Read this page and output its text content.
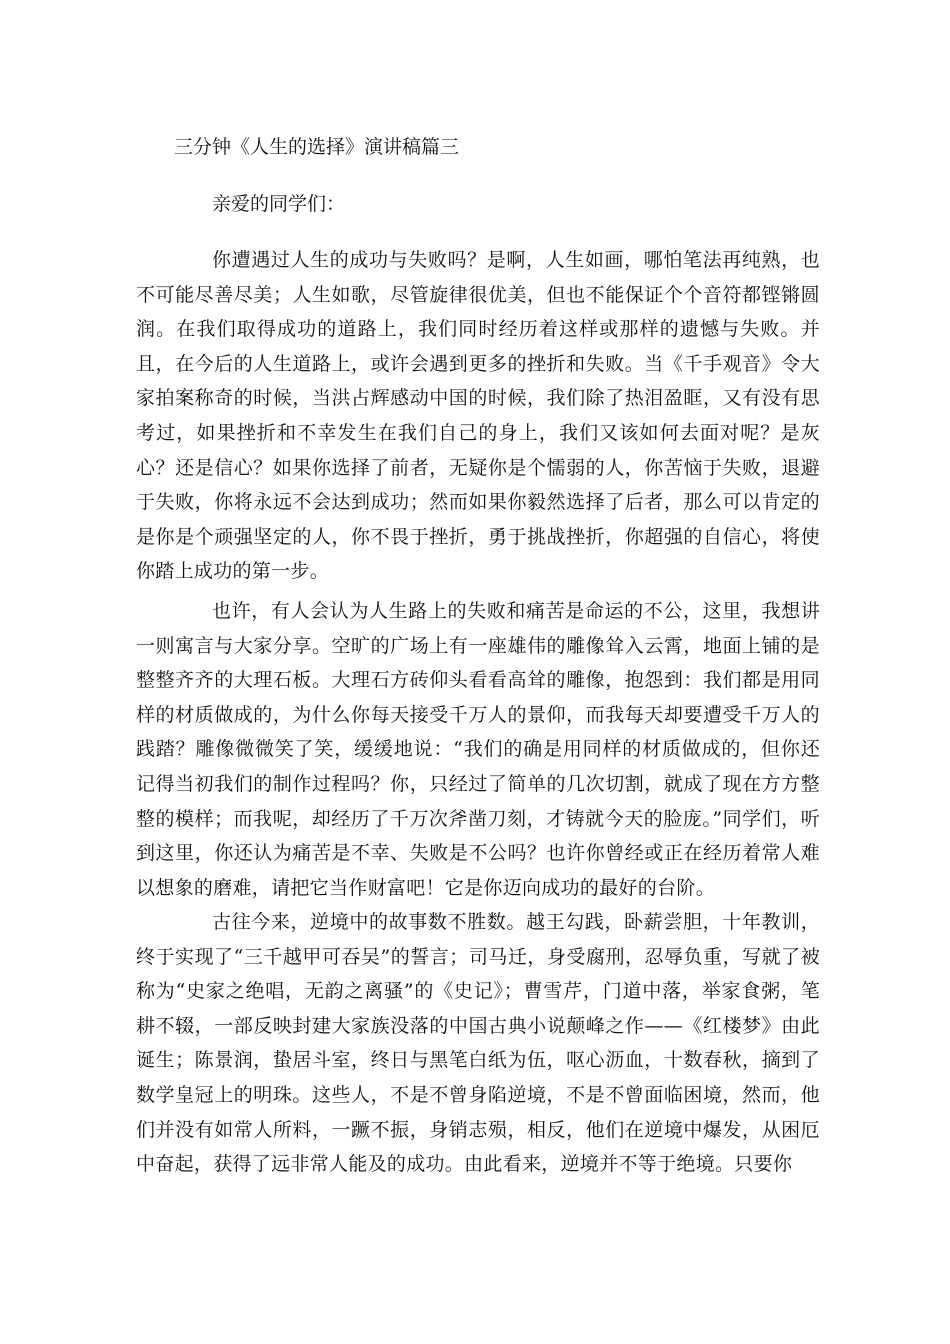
三分钟《人生的选择》演讲稿篇三
亲爱的同学们：

你遭遇过人生的成功与失败吗？是啊，人生如画，哪怕笔法再纯熟，也不可能尽善尽美；人生如歌，尽管旋律很优美，但也不能保证个个音符都铿锵圆润。在我们取得成功的道路上，我们同时经历着这样或那样的遗憾与失败。并且，在今后的人生道路上，或许会遇到更多的挫折和失败。当《千手观音》令大家拍案称奇的时候，当洪占辉感动中国的时候，我们除了热泪盈眶，又有没有思考过，如果挫折和不幸发生在我们自己的身上，我们又该如何去面对呢？是灰心？还是信心？如果你选择了前者，无疑你是个懦弱的人，你苦恼于失败，退避于失败，你将永远不会达到成功；然而如果你毅然选择了后者，那么可以肯定的是你是个顽强坚定的人，你不畏于挫折，勇于挑战挫折，你超强的自信心，将使你踏上成功的第一步。

也许，有人会认为人生路上的失败和痛苦是命运的不公，这里，我想讲一则寓言与大家分享。空旷的广场上有一座雄伟的雕像耸入云霄，地面上铺的是整整齐齐的大理石板。大理石方砖仰头看看高耸的雕像，抱怨到：我们都是用同样的材质做成的，为什么你每天接受千万人的景仰，而我每天却要遭受千万人的践踏？雕像微微笑了笑，缓缓地说：“我们的确是用同样的材质做成的，但你还记得当初我们的制作过程吗？你，只经过了简单的几次切割，就成了现在方方整整的模样；而我呢，却经历了千万次斧凿刀刻，才铸就今天的脸庞。”同学们，听到这里，你还认为痛苦是不幸、失败是不公吗？也许你曾经或正在经历着常人难以想象的磨难，请把它当作财富吧！它是你迈向成功的最好的台阶。

古往今来，逆境中的故事数不胜数。越王勾践，卧薪尝胆，十年教训，终于实现了“三千越甲可吞吴”的誓言；司马迁，身受腐刑，忍辱负重，写就了被称为“史家之绝唱，无韵之离骚”的《史记》；曹雪芹，门道中落，举家食粥，笔耕不辍，一部反映封建大家族没落的中国古典小说颠峰之作——《红楼梦》由此诞生；陈景润，蛰居斗室，终日与黑笔白纸为伍，呕心沥血，十数春秋，摘到了数学皇冠上的明珠。这些人，不是不曾身陷逆境，不是不曾面临困境，然而，他们并没有如常人所料，一蹶不振，身销志殒，相反，他们在逆境中爆发，从困厄中奋起，获得了远非常人能及的成功。由此看来，逆境并不等于绝境。只要你
